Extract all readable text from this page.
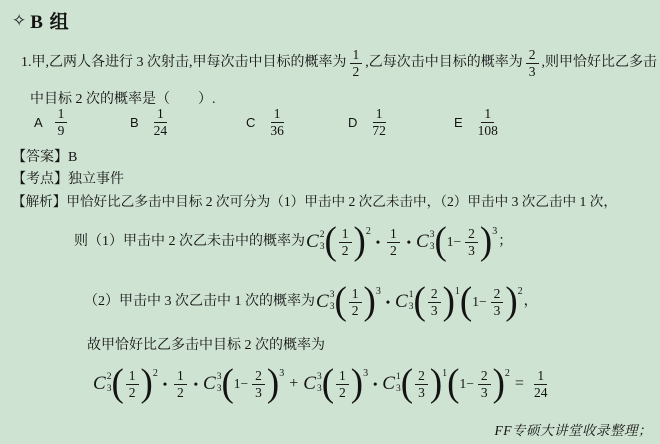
✧ B 组
1.甲,乙两人各进行 3 次射击,甲每次击中目标的概率为 $\frac{1}{2}$ ,乙每次击中目标的概率为 $\frac{2}{3}$ ,则甲恰好比乙多击
中目标 2 次的概率是（　　）.
A $\frac{1}{9}$	B $\frac{1}{24}$	C $\frac{1}{36}$	D $\frac{1}{72}$	E $\frac{1}{108}$
【答案】B
【考点】独立事件
【解析】甲恰好比乙多击中目标 2 次可分为（1）甲击中 2 次乙未击中，（2）甲击中 3 次乙击中 1 次，
则（1）甲击中 2 次乙未击中的概率为 C 2
3 ( $\frac{1}{2}$ ) 2
• $\frac{1}{2}$ • C 3
3 ( $1- \frac{2}{3}$ ) 3
；
（2）甲击中 3 次乙击中 1 次的概率为 C 3
3 ( $\frac{1}{2}$ ) 3
• C 1
3 ( $\frac{2}{3}$ ) 1 ( $1- \frac{2}{3}$ ) 2
，
故甲恰好比乙多击中目标 2 次的概率为
C 2
3 ( $\frac{1}{2}$ ) 2
• $\frac{1}{2}$ • C 3
3 ( $1- \frac{2}{3}$ ) 3
+ C 3
3 ( $\frac{1}{2}$ ) 3
• C 1
3 ( $\frac{2}{3}$ ) 1 ( $1- \frac{2}{3}$ ) 2
= $\frac{1}{24}$
FF专硕大讲堂收录整理；
